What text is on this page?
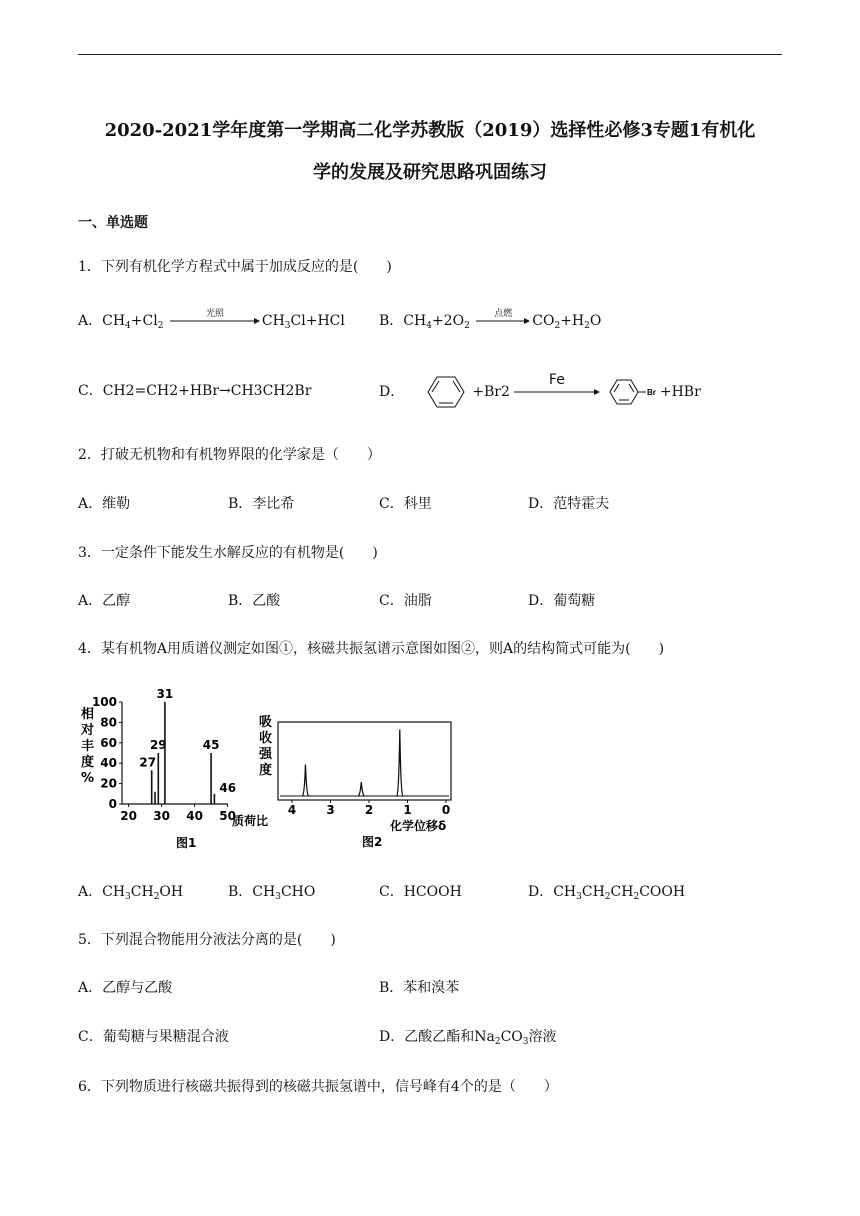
2020-2021学年度第一学期高二化学苏教版（2019）选择性必修3专题1有机化
学的发展及研究思路巩固练习
一、单选题
1．下列有机化学方程式中属于加成反应的是(　　)
A．$CH_4+Cl_2$
光照	$CH_3Cl+HCl$ B．$CH_4+2O_2$
点燃	$CO_2+H_2O$
C．CH2=CH2+HBr→CH3CH2Br	D．	+Br2
Fe
Br +HBr
2．打破无机物和有机物界限的化学家是（　　）
A．维勒	B．李比希	C．科里	D．范特霍夫
3．一定条件下能发生水解反应的有机物是(　　)
A．乙醇	B．乙酸	C．油脂	D．葡萄糖
4．某有机物A用质谱仪测定如图①，核磁共振氢谱示意图如图②，则A的结构简式可能为(　　)
相
对
丰
度
%
100
80
60
40
20
0
20 30 40 50
27
29
31
45
46
质荷比
图1
吸
收
强
度
4	3	2	1	0
化学位移δ
图2
A．$CH_3CH_2OH$	B．$CH_3CHO$	C．HCOOH	D．$CH_3CH_2CH_2COOH$
5．下列混合物能用分液法分离的是(　　)
A．乙醇与乙酸	B．苯和溴苯
C．葡萄糖与果糖混合液	D．乙酸乙酯和$Na_2CO_3$溶液
6．下列物质进行核磁共振得到的核磁共振氢谱中，信号峰有4个的是（　　）
